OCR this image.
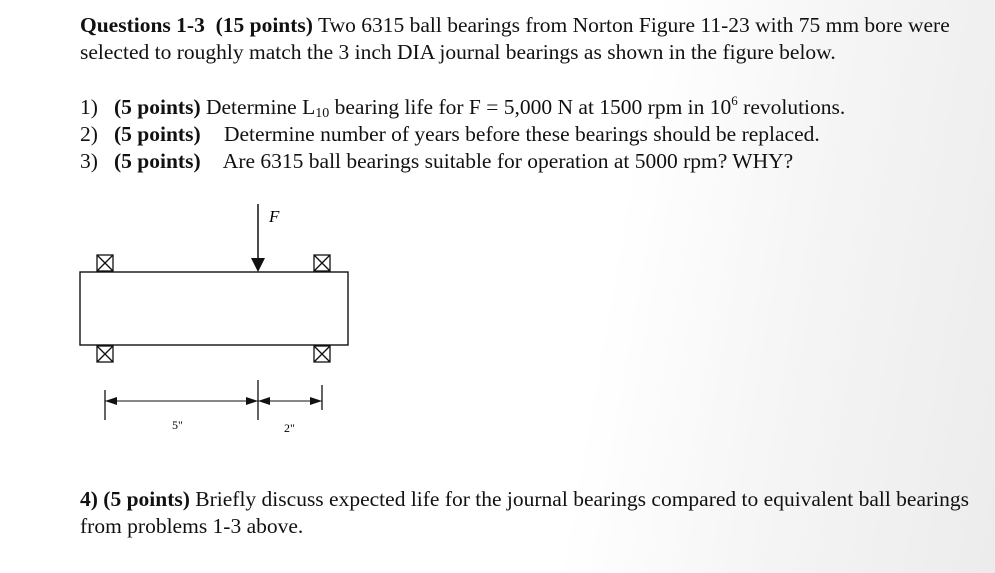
Questions 1-3 (15 points) Two 6315 ball bearings from Norton Figure 11-23 with 75 mm bore were selected to roughly match the 3 inch DIA journal bearings as shown in the figure below.
1) (5 points) Determine $L_{10}$ bearing life for F = 5,000 N at 1500 rpm in $10^6$ revolutions.
2) (5 points) Determine number of years before these bearings should be replaced.
3) (5 points) Are 6315 ball bearings suitable for operation at 5000 rpm? WHY?
F
5"	2"
4) (5 points) Briefly discuss expected life for the journal bearings compared to equivalent ball bearings from problems 1-3 above.
